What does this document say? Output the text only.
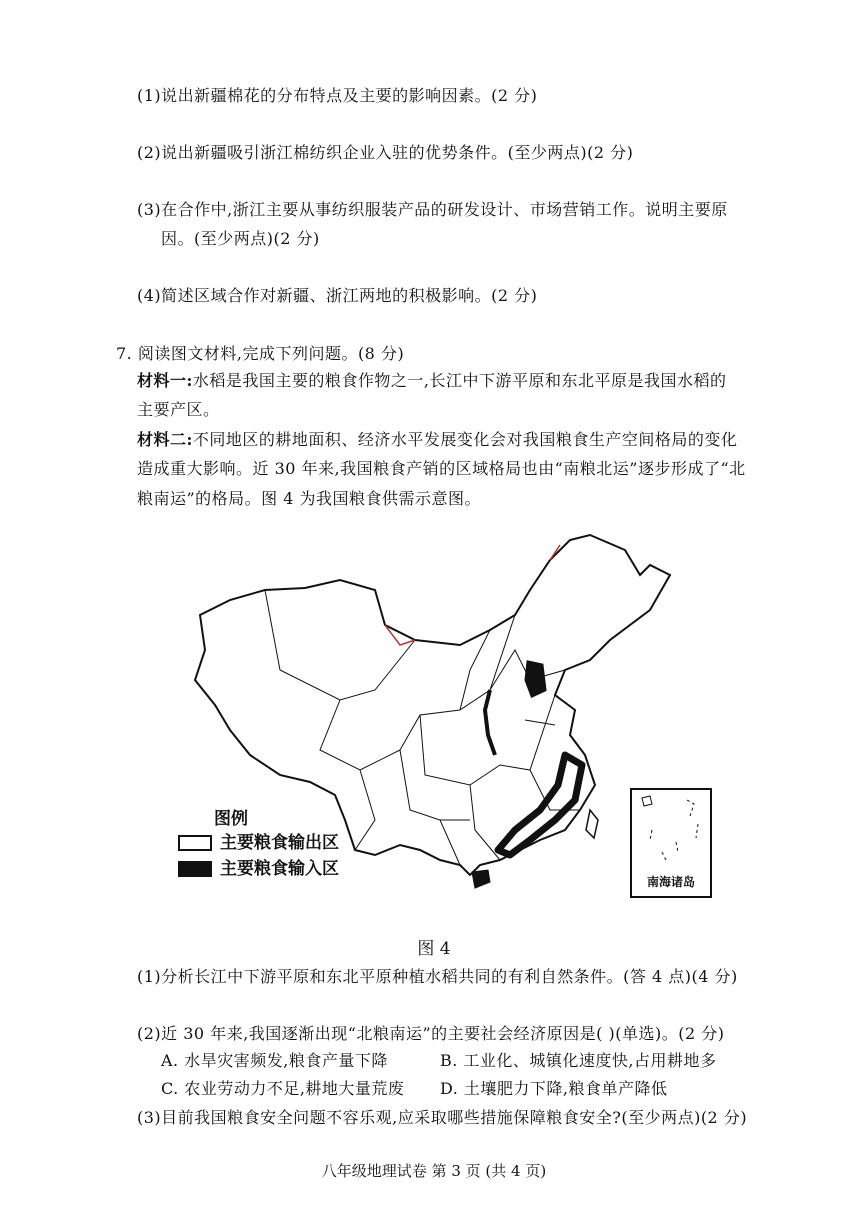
(1)说出新疆棉花的分布特点及主要的影响因素。(2 分)
(2)说出新疆吸引浙江棉纺织企业入驻的优势条件。(至少两点)(2 分)
(3)在合作中,浙江主要从事纺织服装产品的研发设计、市场营销工作。说明主要原
因。(至少两点)(2 分)
(4)简述区域合作对新疆、浙江两地的积极影响。(2 分)
7. 阅读图文材料,完成下列问题。(8 分)
材料一:水稻是我国主要的粮食作物之一,长江中下游平原和东北平原是我国水稻的
主要产区。
材料二:不同地区的耕地面积、经济水平发展变化会对我国粮食生产空间格局的变化
造成重大影响。近 30 年来,我国粮食产销的区域格局也由“南粮北运”逐步形成了“北
粮南运”的格局。图 4 为我国粮食供需示意图。
图例
主要粮食输出区
主要粮食输入区
南海诸岛
图 4
(1)分析长江中下游平原和东北平原种植水稻共同的有利自然条件。(答 4 点)(4 分)
(2)近 30 年来,我国逐渐出现“北粮南运”的主要社会经济原因是( )(单选)。(2 分)
A. 水旱灾害频发,粮食产量下降	B. 工业化、城镇化速度快,占用耕地多
C. 农业劳动力不足,耕地大量荒废 D. 土壤肥力下降,粮食单产降低
(3)目前我国粮食安全问题不容乐观,应采取哪些措施保障粮食安全?(至少两点)(2 分)
八年级地理试卷 第 3 页 (共 4 页)
